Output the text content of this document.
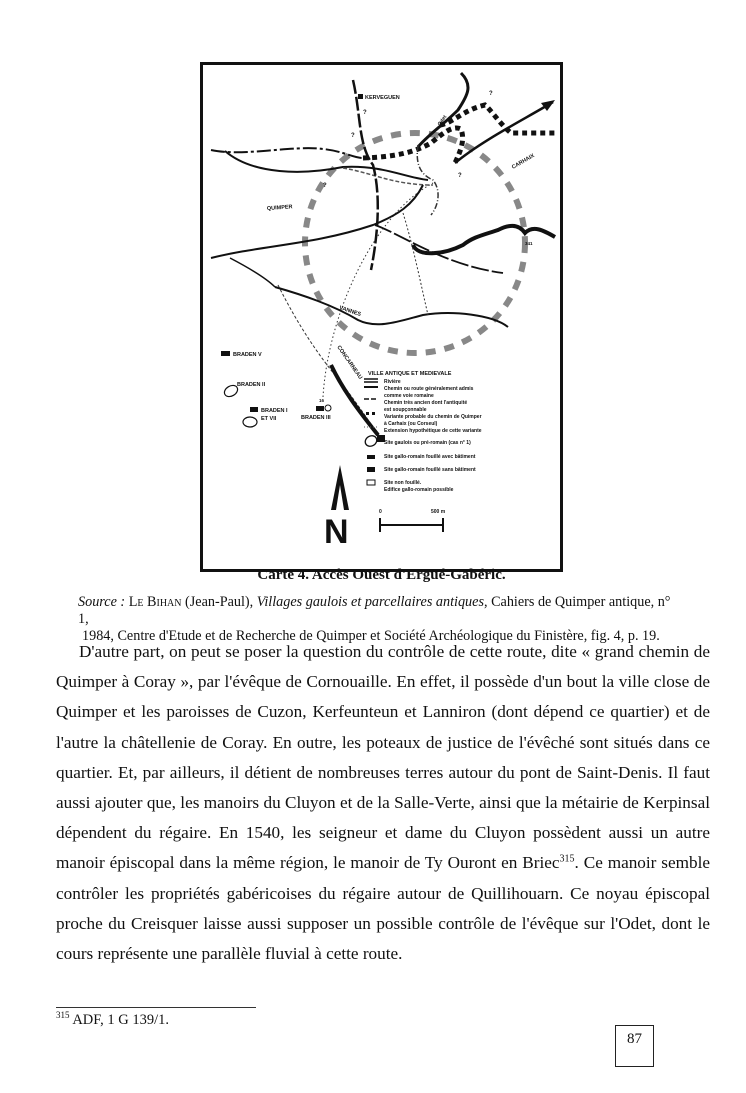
KERVEGUEN
?
?
?
?
?
QUIMPER
CARHAIX
Odet
341
VANNES
CONCARNEAU
BRADEN V
BRADEN II
BRADEN I
ET VII
16
BRADEN III
VILLE ANTIQUE ET MEDIEVALE
Rivière
Chemin ou route généralement admis
comme voie romaine
Chemin très ancien dont l'antiquité
est soupçonnable
Variante probable du chemin de Quimper
à Carhaix (ou Corseul)
Extension hypothétique de cette variante
Site gaulois ou pré-romain (cas n° 1)
Site gallo-romain fouillé avec bâtiment
Site gallo-romain fouillé sans bâtiment
Site non fouillé.
Edifice gallo-romain possible
N
0	500 m
Carte 4. Accès Ouest d'Ergué-Gabéric.
Source : Le Bihan (Jean-Paul), Villages gaulois et parcellaires antiques, Cahiers de Quimper antique, n° 1,
1984, Centre d'Etude et de Recherche de Quimper et Société Archéologique du Finistère, fig. 4, p. 19.

D'autre part, on peut se poser la question du contrôle de cette route, dite « grand chemin de Quimper à Coray », par l'évêque de Cornouaille. En effet, il possède d'un bout la ville close de Quimper et les paroisses de Cuzon, Kerfeunteun et Lanniron (dont dépend ce quartier) et de l'autre la châtellenie de Coray. En outre, les poteaux de justice de l'évêché sont situés dans ce quartier. Et, par ailleurs, il détient de nombreuses terres autour du pont de Saint-Denis. Il faut aussi ajouter que, les manoirs du Cluyon et de la Salle-Verte, ainsi que la métairie de Kerpinsal dépendent du régaire. En 1540, les seigneur et dame du Cluyon possèdent aussi un autre manoir épiscopal dans la même région, le manoir de Ty Ouront en Briec$^{315}$. Ce manoir semble contrôler les propriétés gabéricoises du régaire autour de Quillihouarn. Ce noyau épiscopal proche du Creisquer laisse aussi supposer un possible contrôle de l'évêque sur l'Odet, dont le cours représente une parallèle fluvial à cette route.

$^{315}$ ADF, 1 G 139/1.
87
